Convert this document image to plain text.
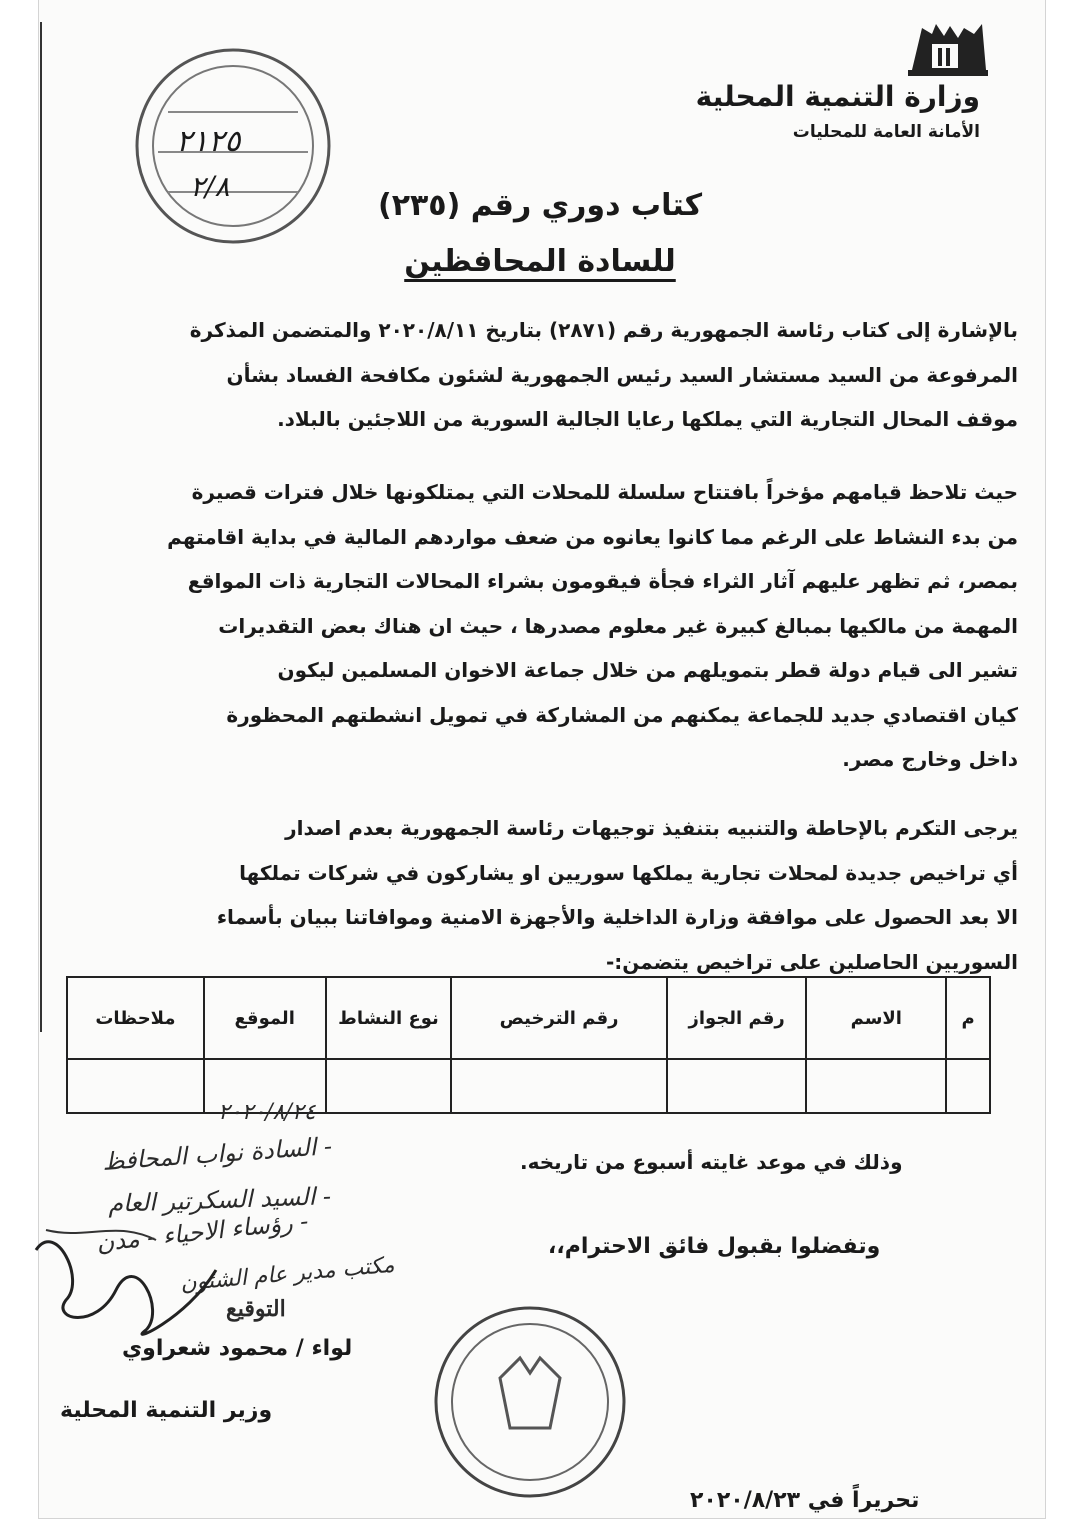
وزارة التنمية المحلية
الأمانة العامة للمحليات
٢١٢٥
٢/٨
كتاب دوري رقم (٢٣٥)
للسادة المحافظين
بالإشارة إلى كتاب رئاسة الجمهورية رقم (٢٨٧١) بتاريخ ٢٠٢٠/٨/١١ والمتضمن المذكرة
المرفوعة من السيد مستشار السيد رئيس الجمهورية لشئون مكافحة الفساد بشأن
موقف المحال التجارية التي يملكها رعايا الجالية السورية من اللاجئين بالبلاد.
حيث تلاحظ قيامهم مؤخراً بافتتاح سلسلة للمحلات التي يمتلكونها خلال فترات قصيرة
من بدء النشاط على الرغم مما كانوا يعانوه من ضعف مواردهم المالية في بداية اقامتهم
بمصر، ثم تظهر عليهم آثار الثراء فجأة فيقومون بشراء المحالات التجارية ذات المواقع
المهمة من مالكيها بمبالغ كبيرة غير معلوم مصدرها ، حيث ان هناك بعض التقديرات
تشير الى قيام دولة قطر بتمويلهم من خلال جماعة الاخوان المسلمين ليكون
كيان اقتصادي جديد للجماعة يمكنهم من المشاركة في تمويل انشطتهم المحظورة
داخل وخارج مصر.
يرجى التكرم بالإحاطة والتنبيه بتنفيذ توجيهات رئاسة الجمهورية بعدم اصدار
أي تراخيص جديدة لمحلات تجارية يملكها سوريين او يشاركون في شركات تملكها
الا بعد الحصول على موافقة وزارة الداخلية والأجهزة الامنية وموافاتنا ببيان بأسماء
السوريين الحاصلين على تراخيص يتضمن:-
م	الاسم	رقم الجواز	رقم الترخيص	نوع النشاط	الموقع	ملاحظات

وذلك في موعد غايته أسبوع من تاريخه.
وتفضلوا بقبول فائق الاحترام،،
٢٠٢٠/٨/٢٤
- السادة نواب المحافظ
- السيد السكرتير العام
- رؤساء الاحياء - مدن
مكتب مدير عام الشئون
التوقيع
لواء / محمود شعراوي
وزير التنمية المحلية
تحريراً في ٢٠٢٠/٨/٢٣
